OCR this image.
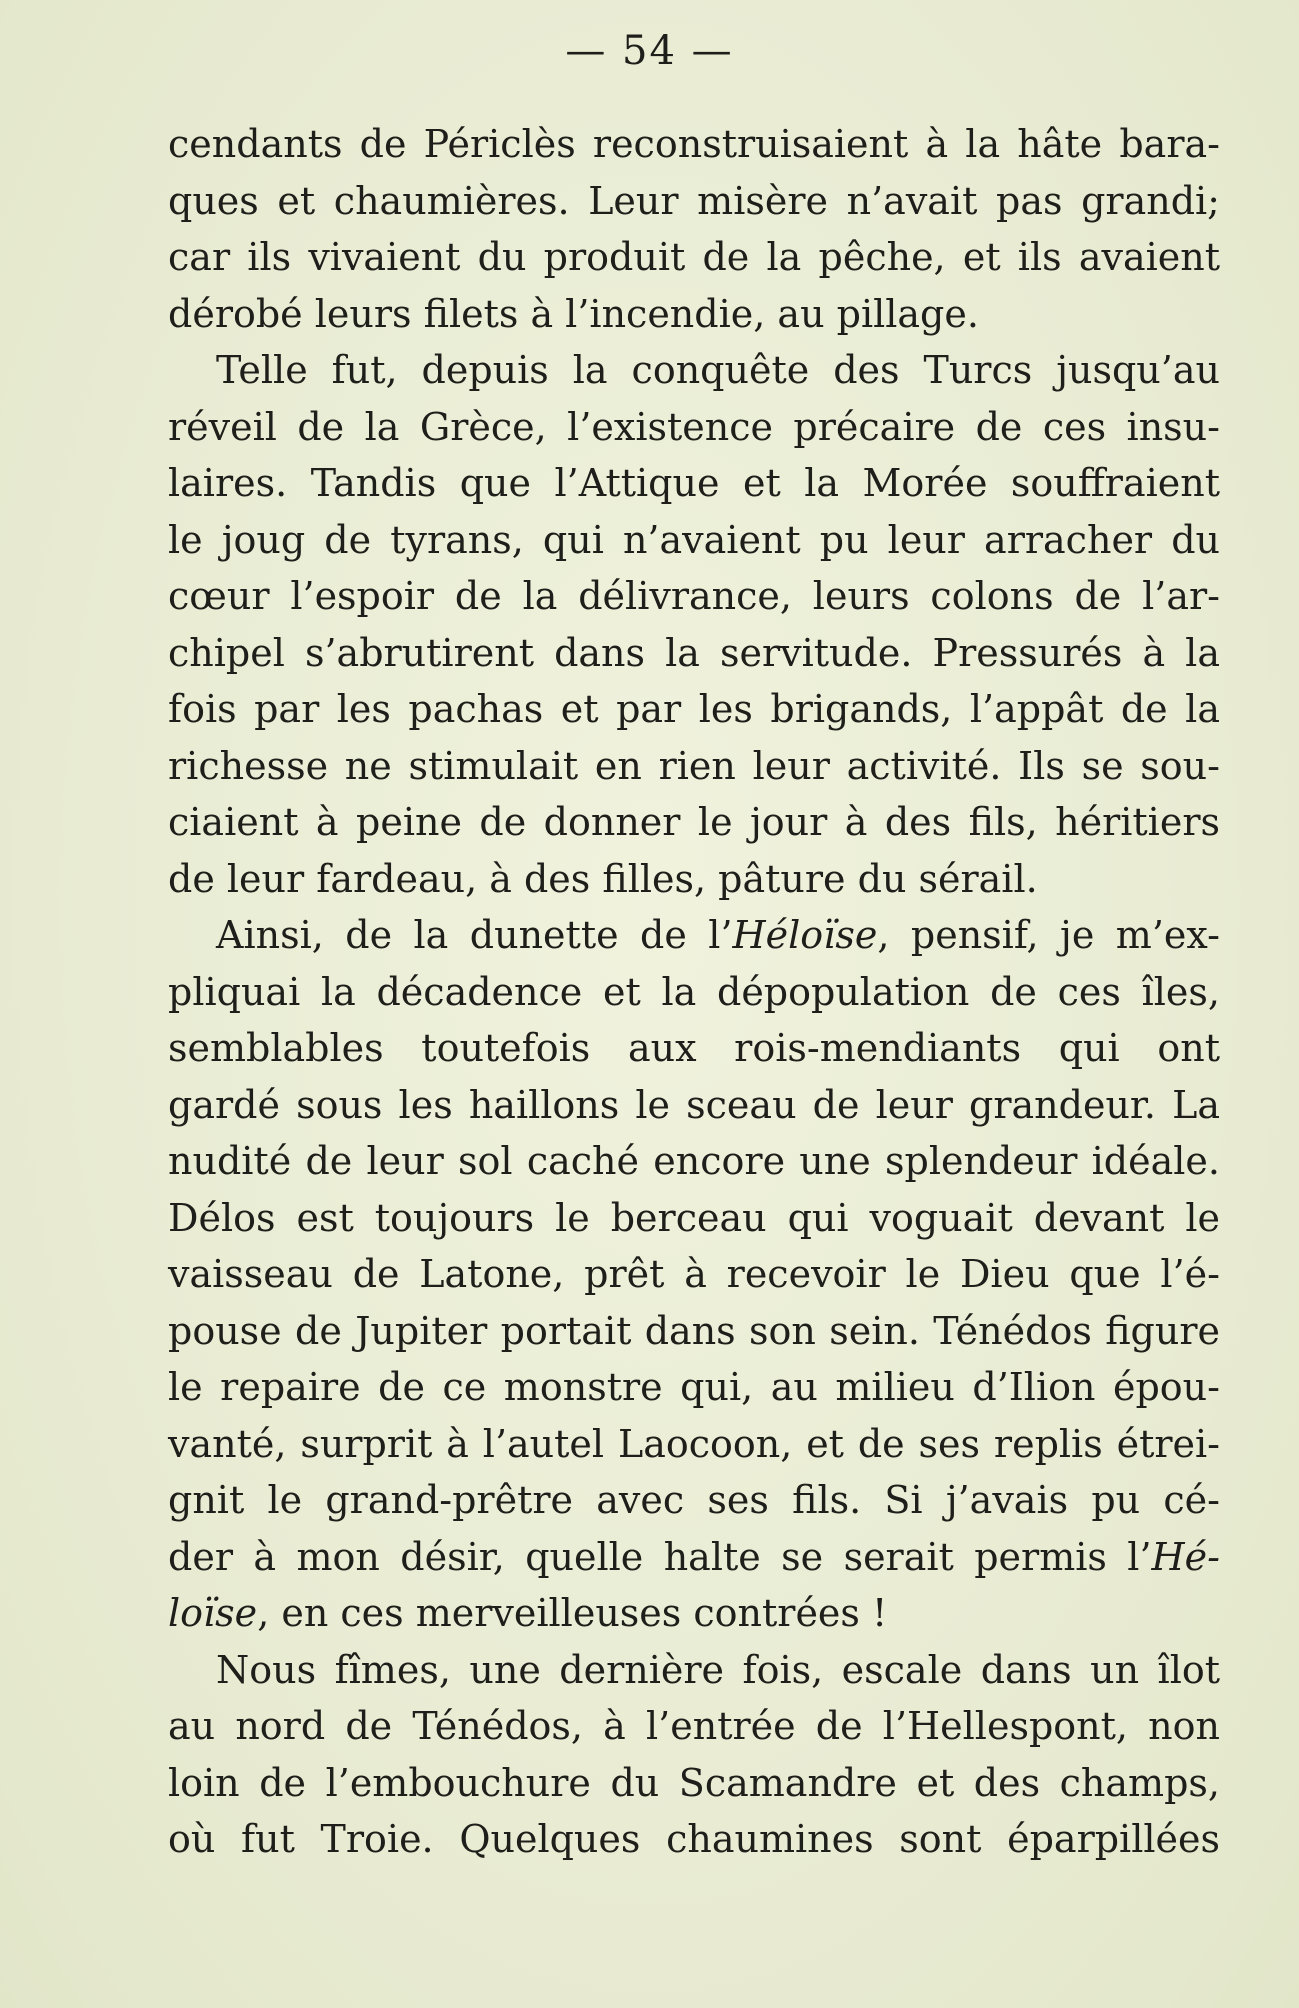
— 54 —
cendants de Périclès reconstruisaient à la hâte bara-
ques et chaumières. Leur misère n’avait pas grandi;
car ils vivaient du produit de la pêche, et ils avaient
dérobé leurs filets à l’incendie, au pillage.
Telle fut, depuis la conquête des Turcs jusqu’au
réveil de la Grèce, l’existence précaire de ces insu-
laires. Tandis que l’Attique et la Morée souffraient
le joug de tyrans, qui n’avaient pu leur arracher du
cœur l’espoir de la délivrance, leurs colons de l’ar-
chipel s’abrutirent dans la servitude. Pressurés à la
fois par les pachas et par les brigands, l’appât de la
richesse ne stimulait en rien leur activité. Ils se sou-
ciaient à peine de donner le jour à des fils, héritiers
de leur fardeau, à des filles, pâture du sérail.
Ainsi, de la dunette de l’Héloïse, pensif, je m’ex-
pliquai la décadence et la dépopulation de ces îles,
semblables toutefois aux rois-mendiants qui ont
gardé sous les haillons le sceau de leur grandeur. La
nudité de leur sol caché encore une splendeur idéale.
Délos est toujours le berceau qui voguait devant le
vaisseau de Latone, prêt à recevoir le Dieu que l’é-
pouse de Jupiter portait dans son sein. Ténédos figure
le repaire de ce monstre qui, au milieu d’Ilion épou-
vanté, surprit à l’autel Laocoon, et de ses replis étrei-
gnit le grand-prêtre avec ses fils. Si j’avais pu cé-
der à mon désir, quelle halte se serait permis l’Hé-
loïse, en ces merveilleuses contrées !
Nous fîmes, une dernière fois, escale dans un îlot
au nord de Ténédos, à l’entrée de l’Hellespont, non
loin de l’embouchure du Scamandre et des champs,
où fut Troie. Quelques chaumines sont éparpillées
